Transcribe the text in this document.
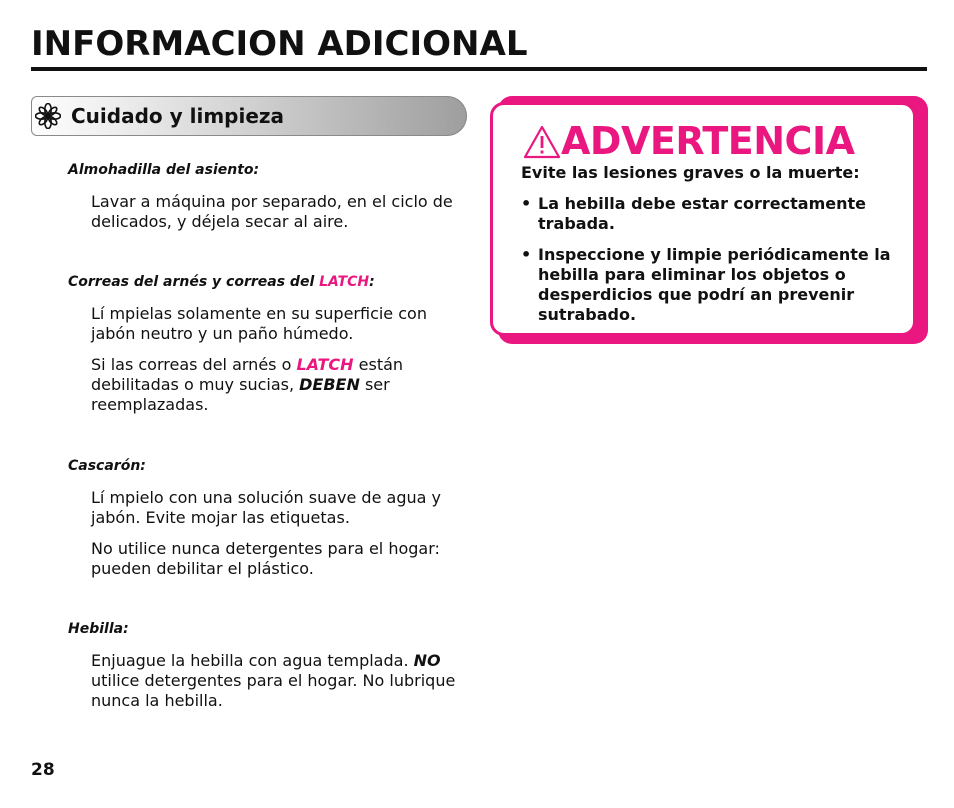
INFORMACION ADICIONAL
Cuidado y limpieza
Almohadilla del asiento:
Lavar a máquina por separado, en el ciclo de delicados, y déjela secar al aire.
Correas del arnés y correas del LATCH:
Lí mpielas solamente en su superficie con jabón neutro y un paño húmedo.
Si las correas del arnés o LATCH están debilitadas o muy sucias, DEBEN ser reemplazadas.
Cascarón:
Lí mpielo con una solución suave de agua y jabón. Evite mojar las etiquetas.
No utilice nunca detergentes para el hogar: pueden debilitar el plástico.
Hebilla:
Enjuague la hebilla con agua templada. NO utilice detergentes para el hogar. No lubrique nunca la hebilla.
ADVERTENCIA
Evite las lesiones graves o la muerte:
• La hebilla debe estar correctamente trabada.
• Inspeccione y limpie periódicamente la hebilla para eliminar los objetos o desperdicios que podrí an prevenir sutrabado.
28
